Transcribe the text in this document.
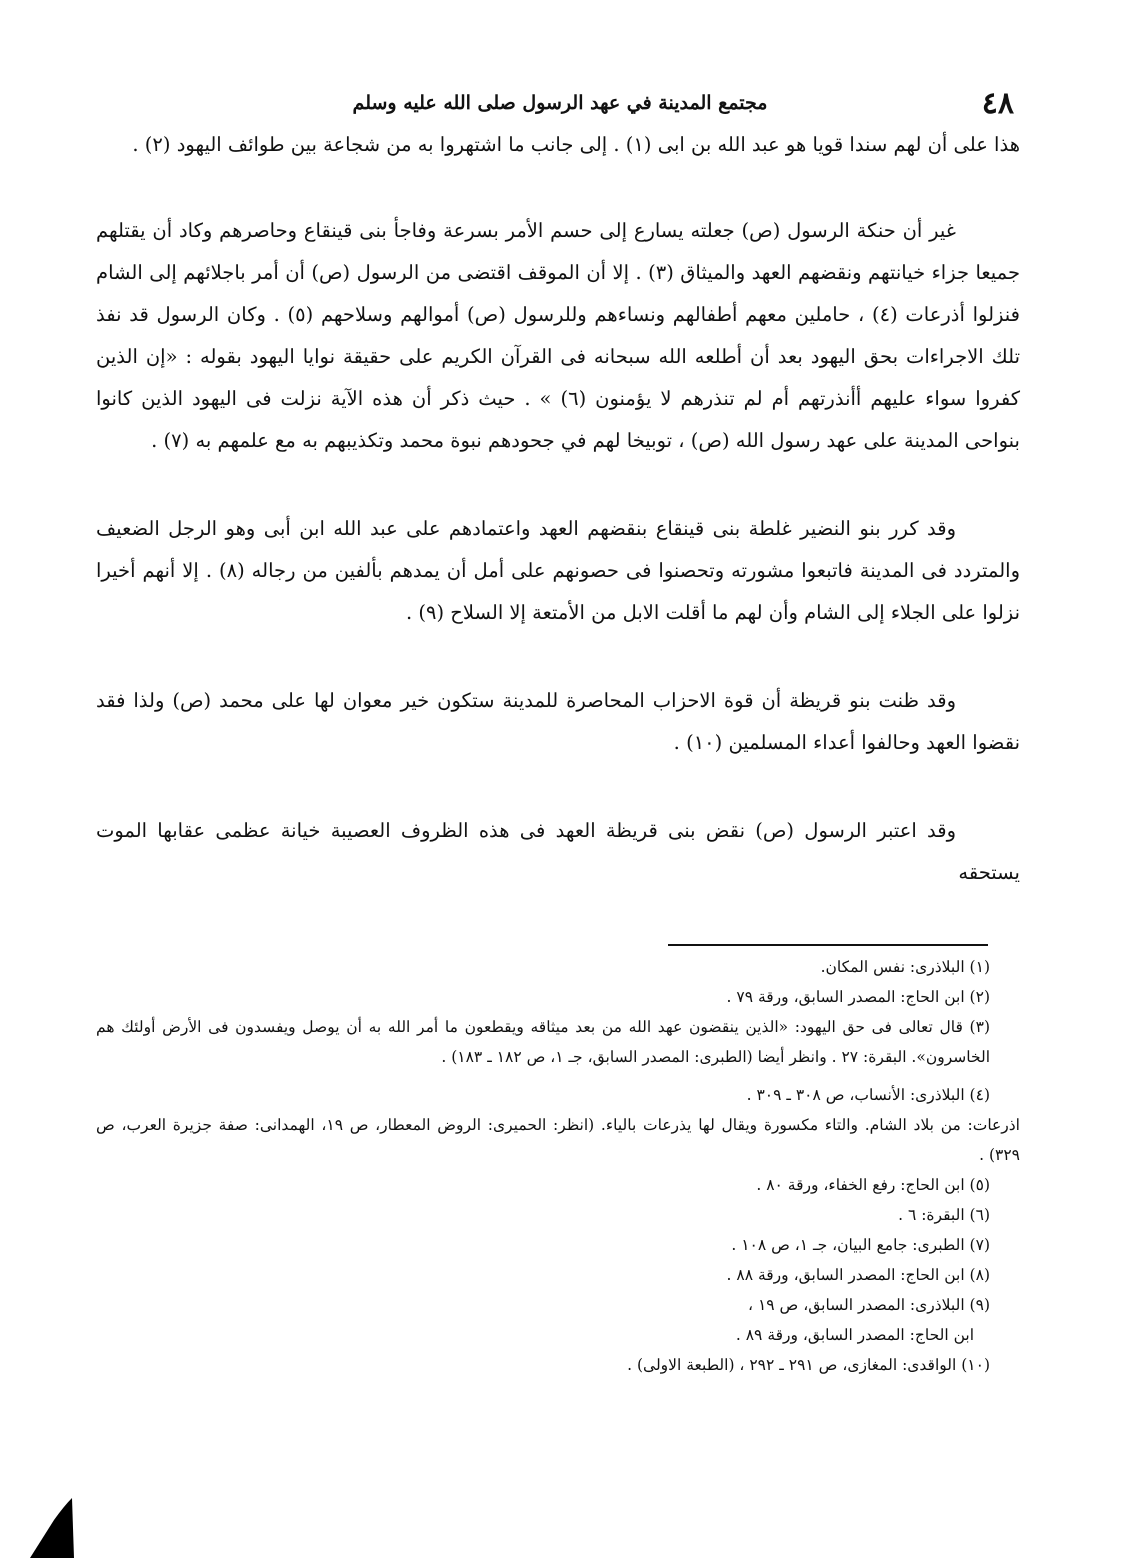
٤٨
مجتمع المدينة في عهد الرسول صلى الله عليه وسلم

هذا على أن لهم سندا قويا هو عبد الله بن ابى (١) . إلى جانب ما اشتهروا به من شجاعة بين طوائف اليهود (٢) .

غير أن حنكة الرسول (ص) جعلته يسارع إلى حسم الأمر بسرعة وفاجأ بنى قينقاع وحاصرهم وكاد أن يقتلهم جميعا جزاء خيانتهم ونقضهم العهد والميثاق (٣) . إلا أن الموقف اقتضى من الرسول (ص) أن أمر باجلائهم إلى الشام فنزلوا أذرعات (٤) ، حاملين معهم أطفالهم ونساءهم وللرسول (ص) أموالهم وسلاحهم (٥) . وكان الرسول قد نفذ تلك الاجراءات بحق اليهود بعد أن أطلعه الله سبحانه فى القرآن الكريم على حقيقة نوايا اليهود بقوله : «إن الذين كفروا سواء عليهم أأنذرتهم أم لم تنذرهم لا يؤمنون (٦) » . حيث ذكر أن هذه الآية نزلت فى اليهود الذين كانوا بنواحى المدينة على عهد رسول الله (ص) ، توبيخا لهم في جحودهم نبوة محمد وتكذيبهم به مع علمهم به (٧) .

وقد كرر بنو النضير غلطة بنى قينقاع بنقضهم العهد واعتمادهم على عبد الله ابن أبى وهو الرجل الضعيف والمتردد فى المدينة فاتبعوا مشورته وتحصنوا فى حصونهم على أمل أن يمدهم بألفين من رجاله (٨) . إلا أنهم أخيرا نزلوا على الجلاء إلى الشام وأن لهم ما أقلت الابل من الأمتعة إلا السلاح (٩) .

وقد ظنت بنو قريظة أن قوة الاحزاب المحاصرة للمدينة ستكون خير معوان لها على محمد (ص) ولذا فقد نقضوا العهد وحالفوا أعداء المسلمين (١٠) .

وقد اعتبر الرسول (ص) نقض بنى قريظة العهد فى هذه الظروف العصيبة خيانة عظمى عقابها الموت يستحقه

(١) البلاذرى: نفس المكان.

(٢) ابن الحاج: المصدر السابق، ورقة ٧٩ .

(٣) قال تعالى فى حق اليهود: «الذين ينقضون عهد الله من بعد ميثاقه ويقطعون ما أمر الله به أن يوصل ويفسدون فى الأرض أولئك هم الخاسرون». البقرة: ٢٧ . وانظر أيضا (الطبرى: المصدر السابق، جـ ١، ص ١٨٢ ـ ١٨٣) .

(٤) البلاذرى: الأنساب، ص ٣٠٨ ـ ٣٠٩ .

اذرعات: من بلاد الشام. والتاء مكسورة ويقال لها يذرعات بالياء. (انظر: الحميرى: الروض المعطار، ص ١٩، الهمدانى: صفة جزيرة العرب، ص ٣٢٩) .

(٥) ابن الحاج: رفع الخفاء، ورقة ٨٠ .

(٦) البقرة: ٦ .

(٧) الطبرى: جامع البيان، جـ ١، ص ١٠٨ .

(٨) ابن الحاج: المصدر السابق، ورقة ٨٨ .

(٩) البلاذرى: المصدر السابق، ص ١٩ ،

ابن الحاج: المصدر السابق، ورقة ٨٩ .

(١٠) الواقدى: المغازى، ص ٢٩١ ـ ٢٩٢ ، (الطبعة الاولى) .
